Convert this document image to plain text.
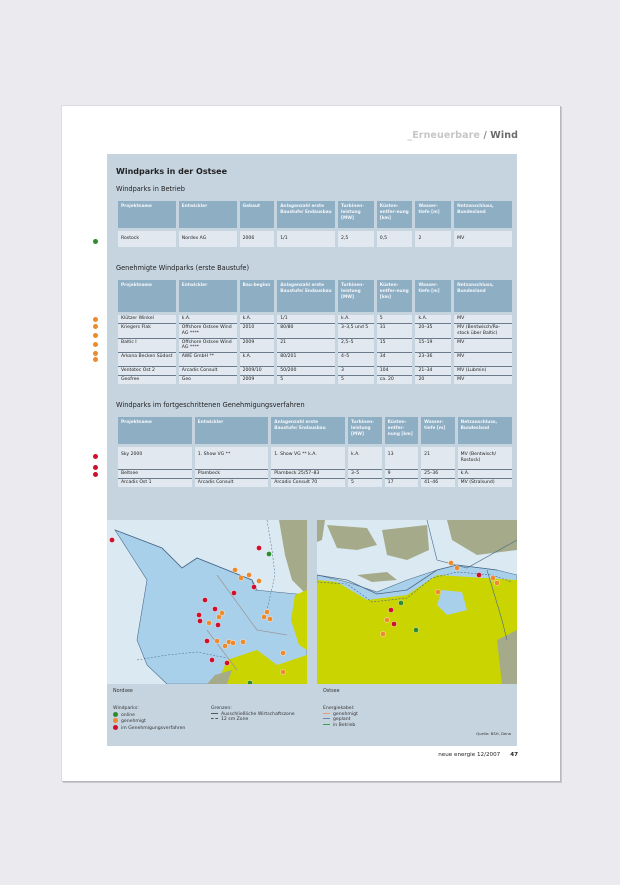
_Erneuerbare / Wind
Windparks in der Ostsee
Windparks in Betrieb
Projektname	Entwickler	Gebaut	Anlagenzahl erste Baustufe/ Endausbau	Turbinen-leistung [MW]	Küsten-entfer-nung [km]	Wasser-tiefe [m]	Netzanschluss, Bundesland

Rostock	Nordex AG	2006	1/1	2,5	0,5	2	MV
Genehmigte Windparks (erste Baustufe)
Projektname	Entwickler	Bau-beginn	Anlagenzahl erste Baustufe/ Endausbau	Turbinen-leistung [MW]	Küsten-entfer-nung [km]	Wasser-tiefe [m]	Netzanschluss, Bundesland

Klützer Winkel	k.A.	k.A.	1/1	k.A.	5	k.A.	MV
Kriegers Flak	Offshore Ostsee Wind AG ****	2010	80/80	3–3,5 und 5	31	20–35	MV (Bentwisch/Ro-stock über Baltic)
Baltic I	Offshore Ostsee Wind AG ****	2009	21	2,5–5	15	15–19	MV
Arkona Becken Südost	AWE GmbH **	k.A.	80/201	4–5	34	23–36	MV
Ventotec Ost 2	Arcadis Consult	2009/10	50/200	3	104	21–34	MV (Lubmin)
Geofree	Geo	2009	5	5	ca. 20	20	MV
Windparks im fortgeschrittenen Genehmigungsverfahren
Projektname	Entwickler	Anlagenzahl erste Baustufe/ Endausbau	Turbinen-leistung [MW]	Küsten-entfer-nung [km]	Wasser-tiefe [m]	Netzanschluss, Bundesland

Sky 2000	1. Show VG **	1. Show VG ** k.A.	k.A.	13	21	MV (Bentwisch/ Rostock)
Beltsee	Plambeck	Plambeck 25/57–83	3–5	9	25–36	k.A.
Arcadis Ost 1	Arcadis Consult	Arcadis Consult 70	5	17	41–46	MV (Stralsund)
Nordsee	Ostsee
Windparks:
online
genehmigt
im Genehmigungsverfahren
Grenzen:
Ausschließliche Wirtschaftszone
12 sm Zone
Energiekabel:
genehmigt
geplant
in Betrieb
Quelle: BSH, Dena
neue energie 12/2007 47
